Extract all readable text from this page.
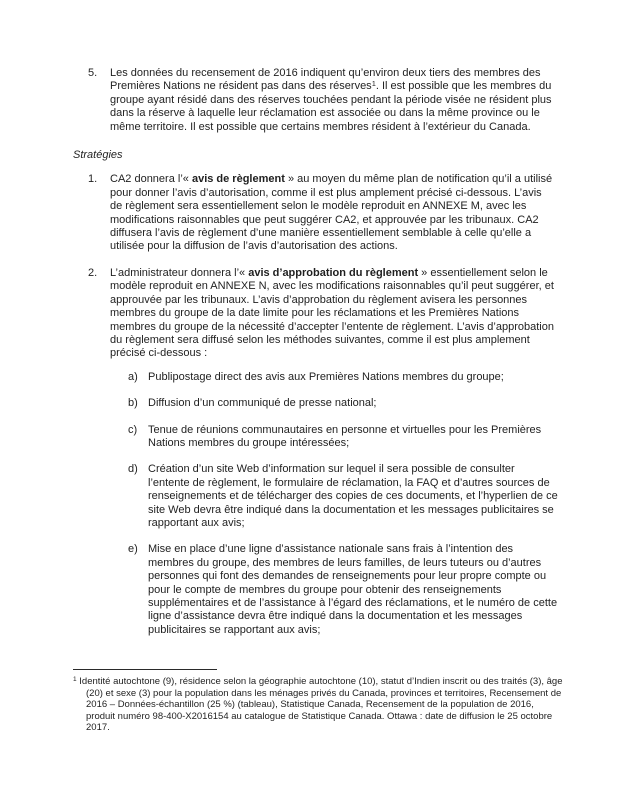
5.	Les données du recensement de 2016 indiquent qu’environ deux tiers des membres des Premières Nations ne résident pas dans des réserves$^1$. Il est possible que les membres du groupe ayant résidé dans des réserves touchées pendant la période visée ne résident plus dans la réserve à laquelle leur réclamation est associée ou dans la même province ou le même territoire. Il est possible que certains membres résident à l’extérieur du Canada.
Stratégies
1.	CA2 donnera l’« avis de règlement » au moyen du même plan de notification qu’il a utilisé pour donner l’avis d’autorisation, comme il est plus amplement précisé ci-dessous. L’avis de règlement sera essentiellement selon le modèle reproduit en ANNEXE M, avec les modifications raisonnables que peut suggérer CA2, et approuvée par les tribunaux. CA2 diffusera l’avis de règlement d’une manière essentiellement semblable à celle qu’elle a utilisée pour la diffusion de l’avis d’autorisation des actions.
2.	L’administrateur donnera l’« avis d’approbation du règlement » essentiellement selon le modèle reproduit en ANNEXE N, avec les modifications raisonnables qu’il peut suggérer, et approuvée par les tribunaux. L’avis d’approbation du règlement avisera les personnes membres du groupe de la date limite pour les réclamations et les Premières Nations membres du groupe de la nécessité d’accepter l’entente de règlement. L’avis d’approbation du règlement sera diffusé selon les méthodes suivantes, comme il est plus amplement précisé ci-dessous :
a) Publipostage direct des avis aux Premières Nations membres du groupe;
b) Diffusion d’un communiqué de presse national;
c) Tenue de réunions communautaires en personne et virtuelles pour les Premières Nations membres du groupe intéressées;
d) Création d’un site Web d’information sur lequel il sera possible de consulter l’entente de règlement, le formulaire de réclamation, la FAQ et d’autres sources de renseignements et de télécharger des copies de ces documents, et l’hyperlien de ce site Web devra être indiqué dans la documentation et les messages publicitaires se rapportant aux avis;
e) Mise en place d’une ligne d’assistance nationale sans frais à l’intention des membres du groupe, des membres de leurs familles, de leurs tuteurs ou d’autres personnes qui font des demandes de renseignements pour leur propre compte ou pour le compte de membres du groupe pour obtenir des renseignements supplémentaires et de l’assistance à l’égard des réclamations, et le numéro de cette ligne d’assistance devra être indiqué dans la documentation et les messages publicitaires se rapportant aux avis;
$^1$ Identité autochtone (9), résidence selon la géographie autochtone (10), statut d’Indien inscrit ou des traités (3), âge (20) et sexe (3) pour la population dans les ménages privés du Canada, provinces et territoires, Recensement de 2016 – Données-échantillon (25 %) (tableau), Statistique Canada, Recensement de la population de 2016, produit numéro 98-400-X2016154 au catalogue de Statistique Canada. Ottawa : date de diffusion le 25 octobre 2017.
